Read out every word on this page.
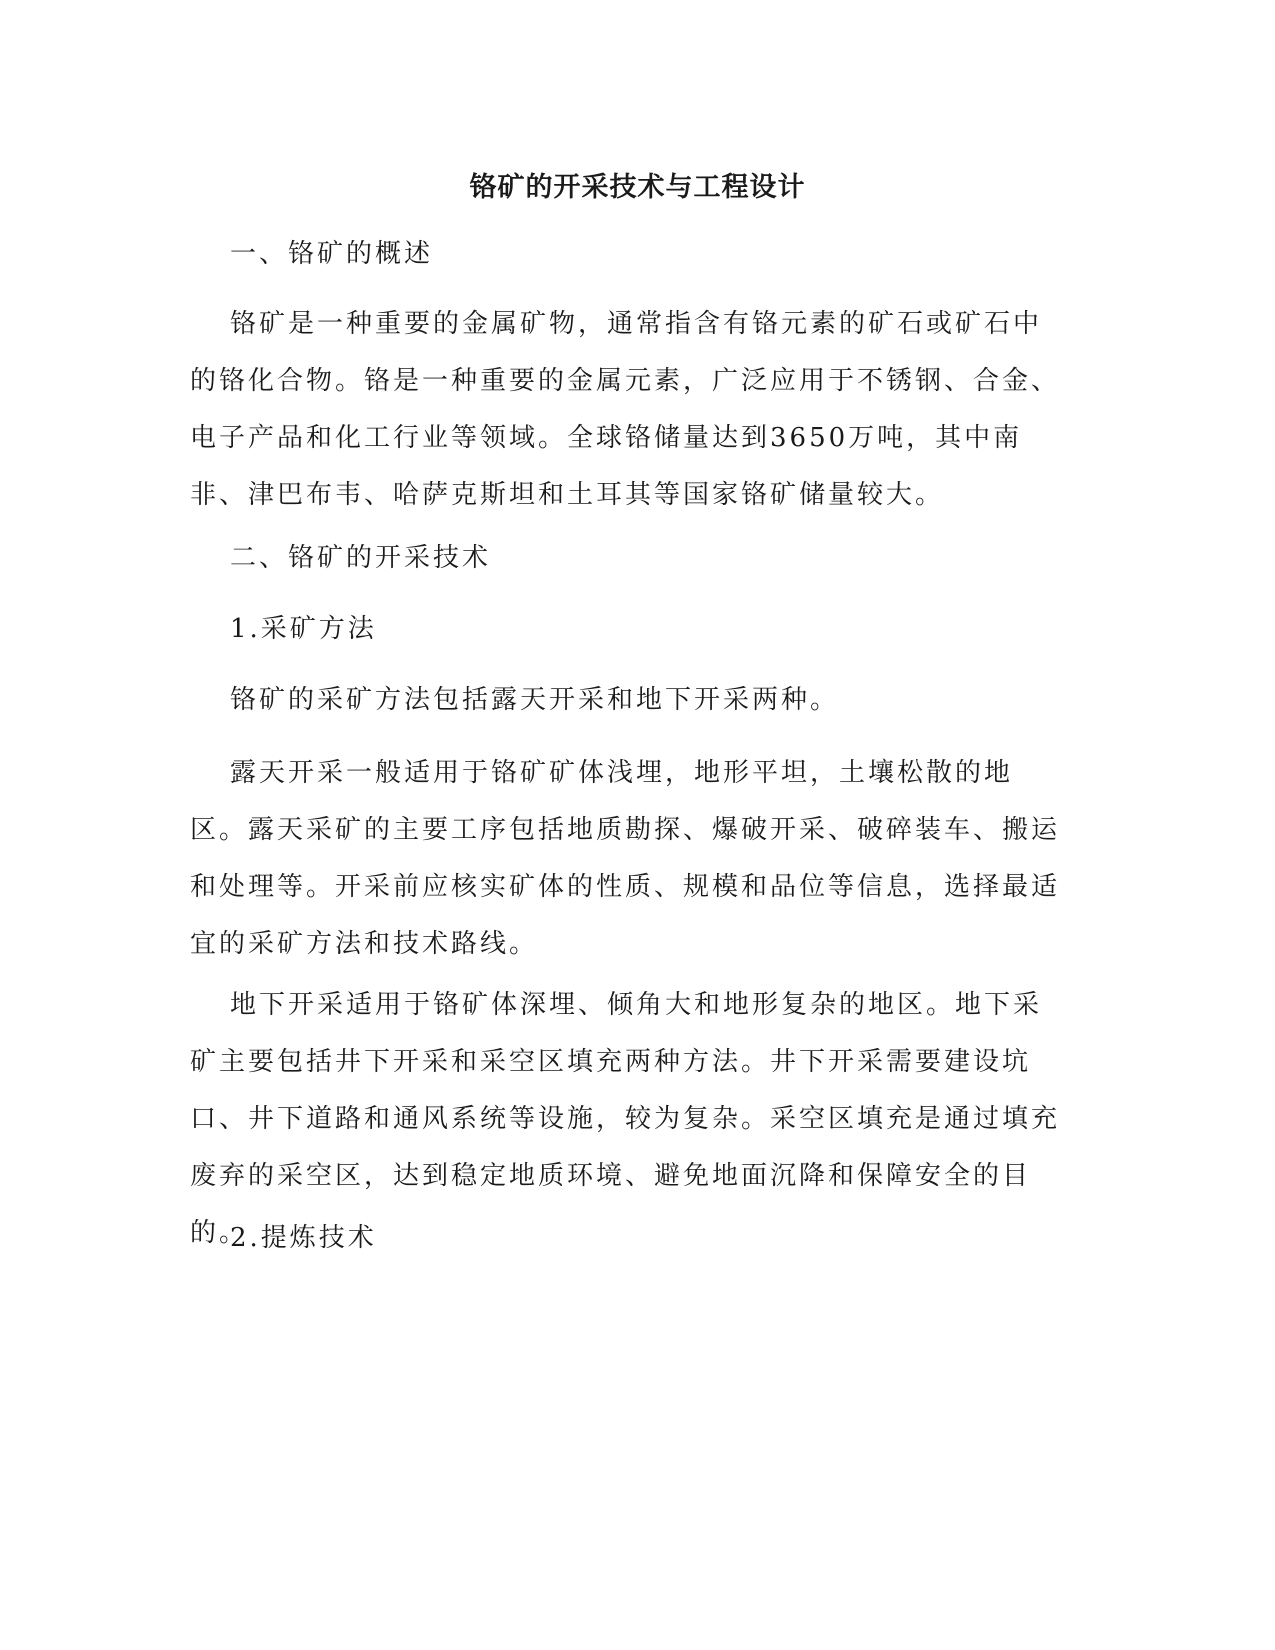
铬矿的开采技术与工程设计

一、铬矿的概述

铬矿是一种重要的金属矿物，通常指含有铬元素的矿石或矿石中的铬化合物。铬是一种重要的金属元素，广泛应用于不锈钢、合金、电子产品和化工行业等领域。全球铬储量达到3650万吨，其中南非、津巴布韦、哈萨克斯坦和土耳其等国家铬矿储量较大。

二、铬矿的开采技术

1.采矿方法

铬矿的采矿方法包括露天开采和地下开采两种。

露天开采一般适用于铬矿矿体浅埋，地形平坦，土壤松散的地区。露天采矿的主要工序包括地质勘探、爆破开采、破碎装车、搬运和处理等。开采前应核实矿体的性质、规模和品位等信息，选择最适宜的采矿方法和技术路线。

地下开采适用于铬矿体深埋、倾角大和地形复杂的地区。地下采矿主要包括井下开采和采空区填充两种方法。井下开采需要建设坑口、井下道路和通风系统等设施，较为复杂。采空区填充是通过填充废弃的采空区，达到稳定地质环境、避免地面沉降和保障安全的目的。

2.提炼技术
